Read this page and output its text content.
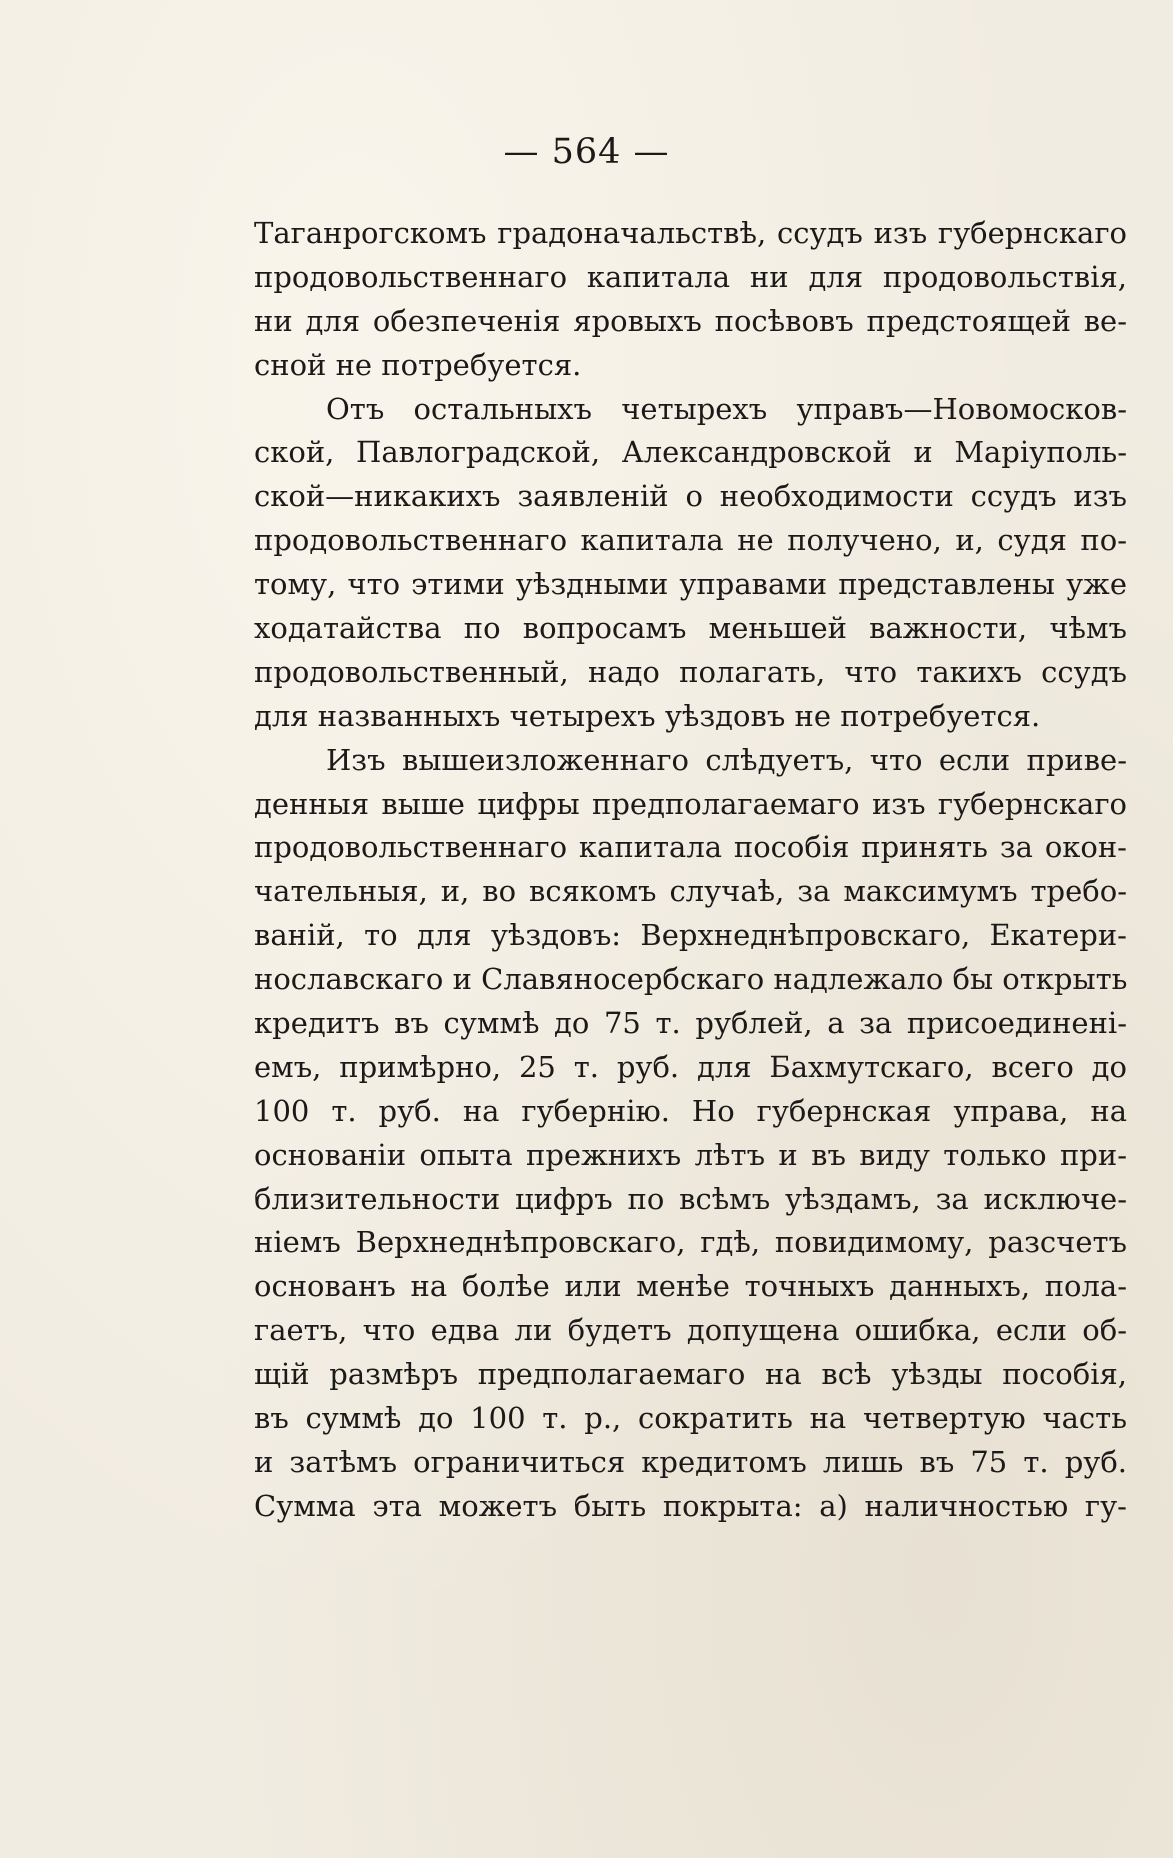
— 564 —
Таганрогскомъ градоначальствѣ, ссудъ изъ губернскаго
продовольственнаго капитала ни для продовольствія,
ни для обезпеченія яровыхъ посѣвовъ предстоящей ве-
сной не потребуется.
Отъ остальныхъ четырехъ управъ—Новомосков-
ской, Павлоградской, Александровской и Маріуполь-
ской—никакихъ заявленій о необходимости ссудъ изъ
продовольственнаго капитала не получено, и, судя по-
тому, что этими уѣздными управами представлены уже
ходатайства по вопросамъ меньшей важности, чѣмъ
продовольственный, надо полагать, что такихъ ссудъ
для названныхъ четырехъ уѣздовъ не потребуется.
Изъ вышеизложеннаго слѣдуетъ, что если приве-
денныя выше цифры предполагаемаго изъ губернскаго
продовольственнаго капитала пособія принять за окон-
чательныя, и, во всякомъ случаѣ, за максимумъ требо-
ваній, то для уѣздовъ: Верхнеднѣпровскаго, Екатери-
нославскаго и Славяносербскаго надлежало бы открыть
кредитъ въ суммѣ до 75 т. рублей, а за присоединені-
емъ, примѣрно, 25 т. руб. для Бахмутскаго, всего до
100 т. руб. на губернію. Но губернская управа, на
основаніи опыта прежнихъ лѣтъ и въ виду только при-
близительности цифръ по всѣмъ уѣздамъ, за исключе-
ніемъ Верхнеднѣпровскаго, гдѣ, повидимому, разсчетъ
основанъ на болѣе или менѣе точныхъ данныхъ, пола-
гаетъ, что едва ли будетъ допущена ошибка, если об-
щій размѣръ предполагаемаго на всѣ уѣзды пособія,
въ суммѣ до 100 т. р., сократить на четвертую часть
и затѣмъ ограничиться кредитомъ лишь въ 75 т. руб.
Сумма эта можетъ быть покрыта: а) наличностью гу-
